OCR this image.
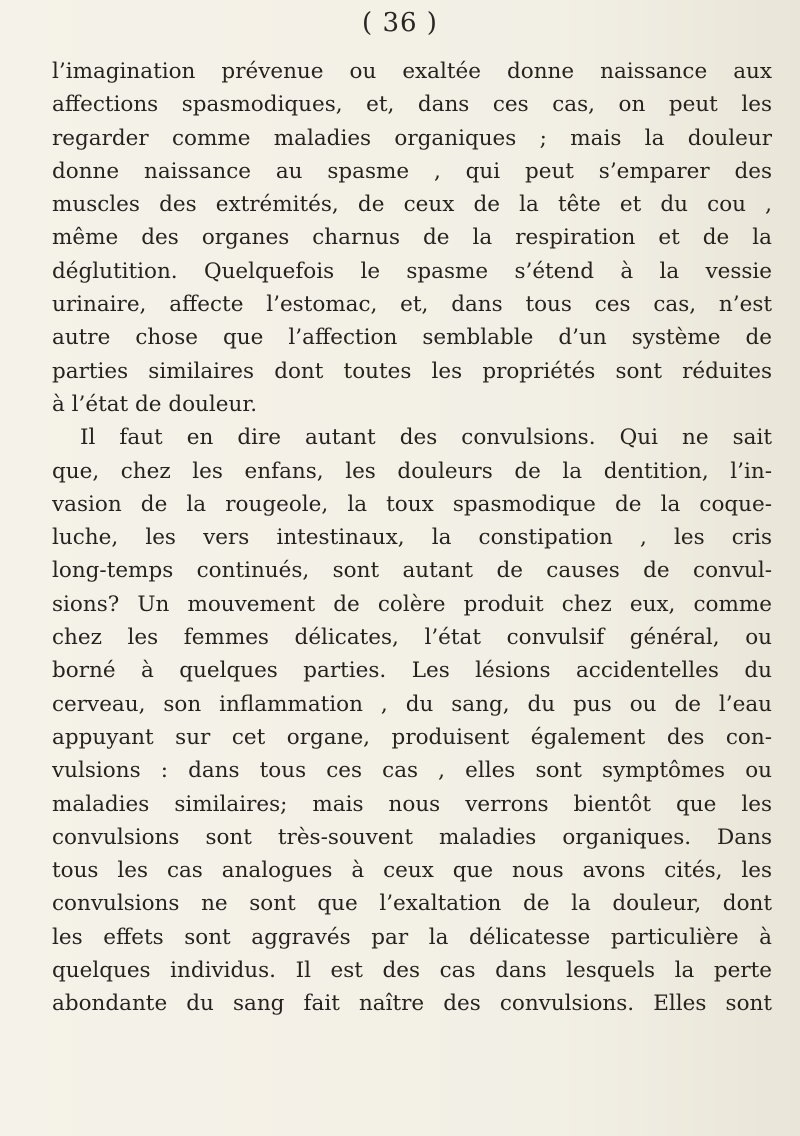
( 36 )
l’imagination prévenue ou exaltée donne naissance aux
affections spasmodiques, et, dans ces cas, on peut les
regarder comme maladies organiques ; mais la douleur
donne naissance au spasme , qui peut s’emparer des
muscles des extrémités, de ceux de la tête et du cou ,
même des organes charnus de la respiration et de la
déglutition. Quelquefois le spasme s’étend à la vessie
urinaire, affecte l’estomac, et, dans tous ces cas, n’est
autre chose que l’affection semblable d’un système de
parties similaires dont toutes les propriétés sont réduites
à l’état de douleur.
Il faut en dire autant des convulsions. Qui ne sait
que, chez les enfans, les douleurs de la dentition, l’in-
vasion de la rougeole, la toux spasmodique de la coque-
luche, les vers intestinaux, la constipation , les cris
long-temps continués, sont autant de causes de convul-
sions? Un mouvement de colère produit chez eux, comme
chez les femmes délicates, l’état convulsif général, ou
borné à quelques parties. Les lésions accidentelles du
cerveau, son inflammation , du sang, du pus ou de l’eau
appuyant sur cet organe, produisent également des con-
vulsions : dans tous ces cas , elles sont symptômes ou
maladies similaires; mais nous verrons bientôt que les
convulsions sont très-souvent maladies organiques. Dans
tous les cas analogues à ceux que nous avons cités, les
convulsions ne sont que l’exaltation de la douleur, dont
les effets sont aggravés par la délicatesse particulière à
quelques individus. Il est des cas dans lesquels la perte
abondante du sang fait naître des convulsions. Elles sont
